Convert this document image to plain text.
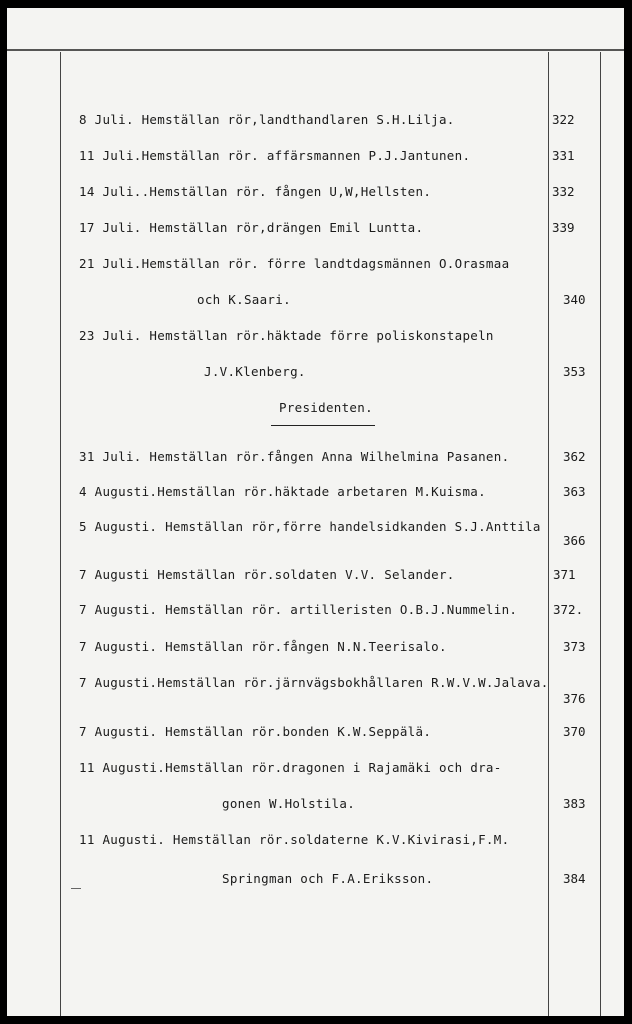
8 Juli. Hemställan rör,landthandlaren S.H.Lilja.	322
11 Juli.Hemställan rör. affärsmannen P.J.Jantunen.	331
14 Juli..Hemställan rör. fången U,W,Hellsten.	332
17 Juli. Hemställan rör,drängen Emil Luntta.	339
21 Juli.Hemställan rör. förre landtdagsmännen O.Orasmaa
och K.Saari.	340
23 Juli. Hemställan rör.häktade förre poliskonstapeln
J.V.Klenberg.	353
Presidenten.
31 Juli. Hemställan rör.fången Anna Wilhelmina Pasanen.	362
4 Augusti.Hemställan rör.häktade arbetaren M.Kuisma.	363
5 Augusti. Hemställan rör,förre handelsidkanden S.J.Anttila
366
7 Augusti Hemställan rör.soldaten V.V. Selander.	371
7 Augusti. Hemställan rör. artilleristen O.B.J.Nummelin.	372.
7 Augusti. Hemställan rör.fången N.N.Teerisalo.	373
7 Augusti.Hemställan rör.järnvägsbokhållaren R.W.V.W.Jalava.
376
7 Augusti. Hemställan rör.bonden K.W.Seppälä.	370
11 Augusti.Hemställan rör.dragonen i Rajamäki och dra-
gonen W.Holstila.	383
11 Augusti. Hemställan rör.soldaterne K.V.Kivirasi,F.M.
Springman och F.A.Eriksson.	384
